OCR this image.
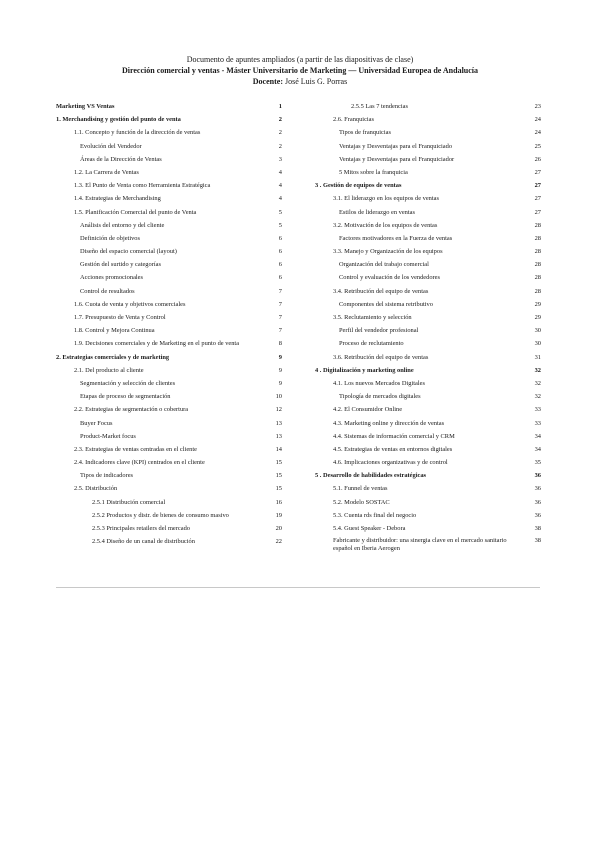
Documento de apuntes ampliados (a partir de las diapositivas de clase)
Dirección comercial y ventas - Máster Universitario de Marketing — Universidad Europea de Andalucía
Docente: José Luis G. Porras
Marketing VS Ventas	1
1. Merchandising y gestión del punto de venta	2
1.1. Concepto y función de la dirección de ventas	2
Evolución del Vendedor	2
Áreas de la Dirección de Ventas	3
1.2. La Carrera de Ventas	4
1.3. El Punto de Venta como Herramienta Estratégica	4
1.4. Estrategias de Merchandising	4
1.5. Planificación Comercial del punto de Venta	5
Análisis del entorno y del cliente	5
Definición de objetivos	6
Diseño del espacio comercial (layout)	6
Gestión del surtido y categorías	6
Acciones promocionales	6
Control de resultados	7
1.6. Cuota de venta y objetivos comerciales	7
1.7. Presupuesto de Venta y Control	7
1.8. Control y Mejora Continua	7
1.9. Decisiones comerciales y de Marketing en el punto de venta	8
2. Estrategias comerciales y de marketing	9
2.1. Del producto al cliente	9
Segmentación y selección de clientes	9
Etapas de proceso de segmentación	10
2.2. Estrategias de segmentación o cobertura	12
Buyer Focus	13
Product-Market focus	13
2.3. Estrategias de ventas centradas en el cliente	14
2.4. Indicadores clave (KPI) centrados en el cliente	15
Tipos de indicadores	15
2.5. Distribución	15
2.5.1 Distribución comercial	16
2.5.2 Productos y distr. de bienes de consumo masivo	19
2.5.3 Principales retailers del mercado	20
2.5.4 Diseño de un canal de distribución	22
2.5.5 Las 7 tendencias	23
2.6. Franquicias	24
Tipos de franquicias	24
Ventajas y Desventajas para el Franquiciado	25
Ventajas y Desventajas para el Franquiciador	26
5 Mitos sobre la franquicia	27
3 . Gestión de equipos de ventas	27
3.1. El liderazgo en los equipos de ventas	27
Estilos de liderazgo en ventas	27
3.2. Motivación de los equipos de ventas	28
Factores motivadores en la Fuerza de ventas	28
3.3. Manejo y Organización de los equipos	28
Organización del trabajo comercial	28
Control y evaluación de los vendedores	28
3.4. Retribución del equipo de ventas	28
Componentes del sistema retributivo	29
3.5. Reclutamiento y selección	29
Perfil del vendedor profesional	30
Proceso de reclutamiento	30
3.6. Retribución del equipo de ventas	31
4 . Digitalización y marketing online	32
4.1. Los nuevos Mercados Digitales	32
Tipología de mercados digitales	32
4.2. El Consumidor Online	33
4.3. Marketing online y dirección de ventas	33
4.4. Sistemas de información comercial y CRM	34
4.5. Estrategias de ventas en entornos digitales	34
4.6. Implicaciones organizativas y de control	35
5 . Desarrollo de habilidades estratégicas	36
5.1. Funnel de ventas	36
5.2. Modelo SOSTAC	36
5.3. Cuenta rds final del negocio	36
5.4. Guest Speaker - Debora	38
Fabricante y distribuidor: una sinergia clave en el mercado sanitario español en Iberia Aerogen
38
